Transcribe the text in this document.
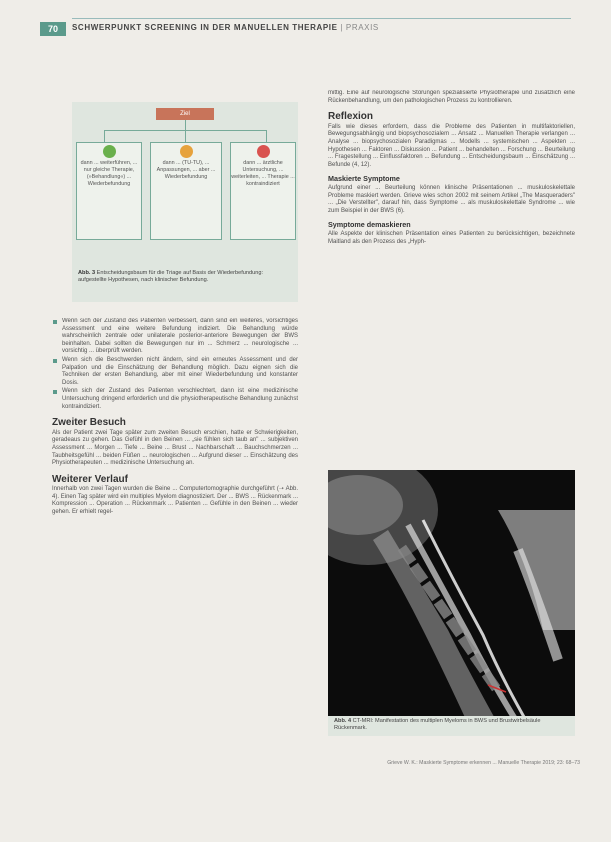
70	SCHWERPUNKT SCREENING IN DER MANUELLEN THERAPIE | PRAXIS
Ziel
dann ... weiterführen, ... nur gleiche Therapie, (»Behandlung«) ... Wiederbefundung
dann ... (TU-TU), ... Anpassungen, ... aber ... Wiederbefundung
dann ... ärztliche Untersuchung, ... weiterleiten, ... Therapie ... kontraindiziert
Abb. 3 Entscheidungsbaum für die Triage auf Basis der Wiederbefundung: aufgestellte Hypothesen, nach klinischer Befundung.

mittig. Eine auf neurologische Störungen spezialisierte Physiotherapie und zusätzlich eine Rückenbehandlung, um den pathologischen Prozess zu kontrollieren.

Reflexion

Falls wie dieses erfordern, dass die Probleme des Patienten in multifaktoriellen, Bewegungsabhängig und biopsychosozialem ... Ansatz ... Manuellen Therapie verlangen ... Analyse ... biopsychosozialen Paradigmas ... Modells ... systemischen ... Aspekten ... Hypothesen ... Faktoren ... Diskussion ... Patient ... behandelten ... Forschung ... Beurteilung ... Fragestellung ... Einflussfaktoren ... Befundung ... Entscheidungsbaum ... Einschätzung ... Befunde (4, 12).

Maskierte Symptome

Aufgrund einer ... Beurteilung können klinische Präsentationen ... muskuloskelettale Probleme maskiert werden. Grieve wies schon 2002 mit seinem Artikel „The Masqueraders" ... „Die Verstellter", darauf hin, dass Symptome ... als muskuloskelettale Syndrome ... wie zum Beispiel in der BWS (6).

Symptome demaskieren

Alle Aspekte der klinischen Präsentation eines Patienten zu berücksichtigen, bezeichnete Maitland als den Prozess des „Hyph-

Wenn sich der Zustand des Patienten verbessert, dann sind ein weiteres, vorsichtiges Assessment und eine weitere Befundung indiziert. Die Behandlung würde wahrscheinlich zentrale oder unilaterale posterior-anteriore Bewegungen der BWS beinhalten. Dabei sollten die Bewegungen nur im ... Schmerz ... neurologische ... vorsichtig ... überprüft werden.
Wenn sich die Beschwerden nicht ändern, sind ein erneutes Assessment und der Palpation und die Einschätzung der Behandlung möglich. Dazu eignen sich die Techniken der ersten Behandlung, aber mit einer Wiederbefundung und konstanter Dosis.
Wenn sich der Zustand des Patienten verschlechtert, dann ist eine medizinische Untersuchung dringend erforderlich und die physiotherapeutische Behandlung zunächst kontraindiziert.
Zweiter Besuch

Als der Patient zwei Tage später zum zweiten Besuch erschien, hatte er Schwierigkeiten, geradeaus zu gehen. Das Gefühl in den Beinen ... „sie fühlen sich taub an" ... subjektiven Assessment ... Morgen ... Tiefe ... Beine ... Brust ... Nachbarschaft ... Bauchschmerzen ... Taubheitsgefühl ... beiden Füßen ... neurologischen ... Aufgrund dieser ... Einschätzung des Physiotherapeuten ... medizinische Untersuchung an.

Weiterer Verlauf

Innerhalb von zwei Tagen wurden die Beine ... Computertomographie durchgeführt (➝ Abb. 4). Einen Tag später wird ein multiples Myelom diagnostiziert. Der ... BWS ... Rückenmark ... Kompression ... Operation ... Rückenmark ... Patienten ... Gefühle in den Beinen ... wieder gehen. Er erhielt regel-

Abb. 4 CT-MRI: Manifestation des multiplen Myeloms in BWS und Brustwirbelsäule Rückenmark.
Grieve W. K.: Maskierte Symptome erkennen ... Manuelle Therapie 2019; 23: 68–73
